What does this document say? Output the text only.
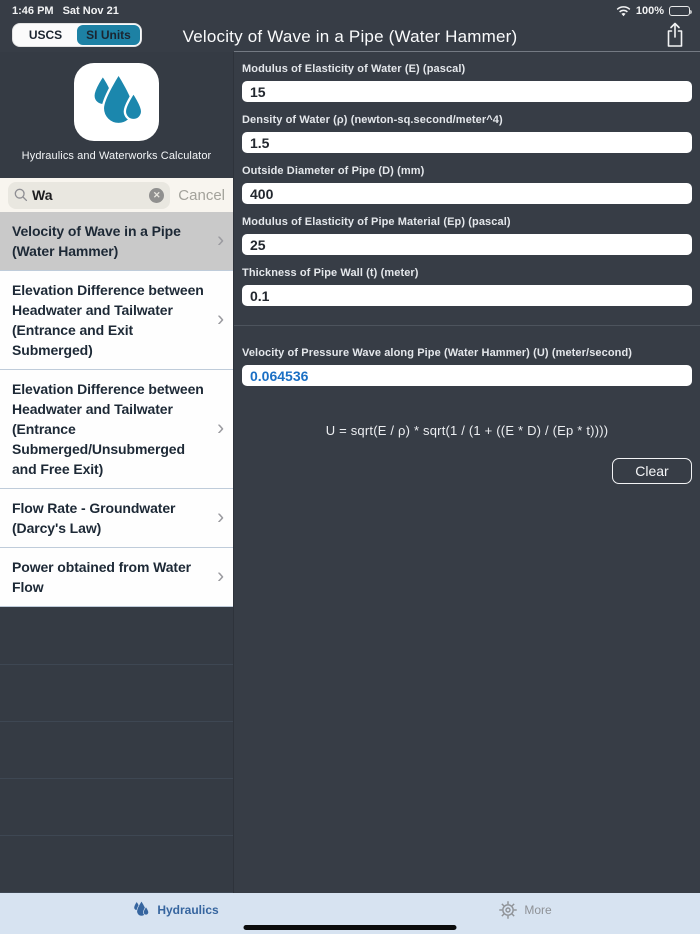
1:46 PM Sat Nov 21	100%
Velocity of Wave in a Pipe (Water Hammer)
USCS	SI Units
Hydraulics and Waterworks Calculator
Wa
✕ Cancel
Velocity of Wave in a Pipe (Water Hammer)	›
Elevation Difference between Headwater and Tailwater (Entrance and Exit Submerged)
›
Elevation Difference between Headwater and Tailwater (Entrance Submerged/Unsubmerged and Free Exit)
›
Flow Rate - Groundwater (Darcy's Law)	›
Power obtained from Water Flow	›
Modulus of Elasticity of Water (E) (pascal)
15
Density of Water (ρ) (newton-sq.second/meter^4)
1.5
Outside Diameter of Pipe (D) (mm)
400
Modulus of Elasticity of Pipe Material (Ep) (pascal)
25
Thickness of Pipe Wall (t) (meter)
0.1
Velocity of Pressure Wave along Pipe (Water Hammer) (U) (meter/second)
0.064536
U = sqrt(E / ρ) * sqrt(1 / (1 + ((E * D) / (Ep * t))))
Clear
Hydraulics	More
